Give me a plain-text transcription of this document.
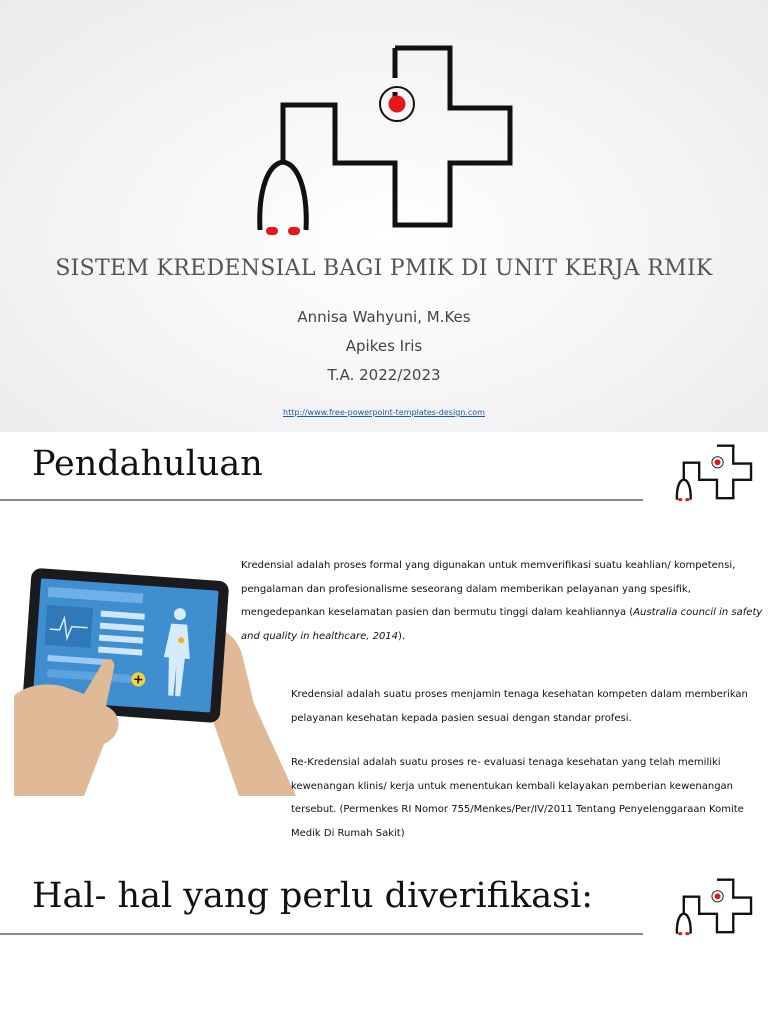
SISTEM KREDENSIAL BAGI PMIK DI UNIT KERJA RMIK
Annisa Wahyuni, M.Kes
Apikes Iris
T.A. 2022/2023
http://www.free-powerpoint-templates-design.com
Pendahuluan

Kredensial adalah proses formal yang digunakan untuk memverifikasi suatu keahlian/ kompetensi, pengalaman dan profesionalisme seseorang dalam memberikan pelayanan yang spesifik, mengedepankan keselamatan pasien dan bermutu tinggi dalam keahliannya (Australia council in safety and quality in healthcare, 2014).

Kredensial adalah suatu proses menjamin tenaga kesehatan kompeten dalam memberikan pelayanan kesehatan kepada pasien sesuai dengan standar profesi.

Re-Kredensial adalah suatu proses re- evaluasi tenaga kesehatan yang telah memiliki kewenangan klinis/ kerja untuk menentukan kembali kelayakan pemberian kewenangan tersebut. (Permenkes RI Nomor 755/Menkes/Per/IV/2011 Tentang Penyelenggaraan Komite Medik Di Rumah Sakit)

Hal- hal yang perlu diverifikasi:
